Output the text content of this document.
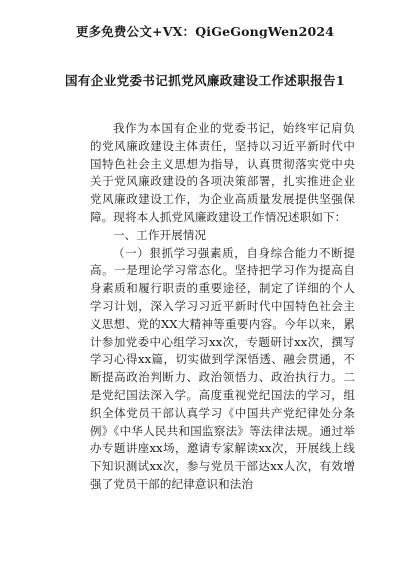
更多免费公文+VX：QiGeGongWen2024
国有企业党委书记抓党风廉政建设工作述职报告1

我作为本国有企业的党委书记，始终牢记肩负的党风廉政建设主体责任，坚持以习近平新时代中国特色社会主义思想为指导，认真贯彻落实党中央关于党风廉政建设的各项决策部署，扎实推进企业党风廉政建设工作，为企业高质量发展提供坚强保障。现将本人抓党风廉政建设工作情况述职如下：

一、工作开展情况

（一）狠抓学习强素质，自身综合能力不断提高。一是理论学习常态化。坚持把学习作为提高自身素质和履行职责的重要途径，制定了详细的个人学习计划，深入学习习近平新时代中国特色社会主义思想、党的XX大精神等重要内容。今年以来，累计参加党委中心组学习xx次，专题研讨xx次，撰写学习心得xx篇，切实做到学深悟透、融会贯通，不断提高政治判断力、政治领悟力、政治执行力。二是党纪国法深入学。高度重视党纪国法的学习，组织全体党员干部认真学习《中国共产党纪律处分条例》《中华人民共和国监察法》等法律法规。通过举办专题讲座xx场，邀请专家解读xx次，开展线上线下知识测试xx次，参与党员干部达xx人次，有效增强了党员干部的纪律意识和法治
